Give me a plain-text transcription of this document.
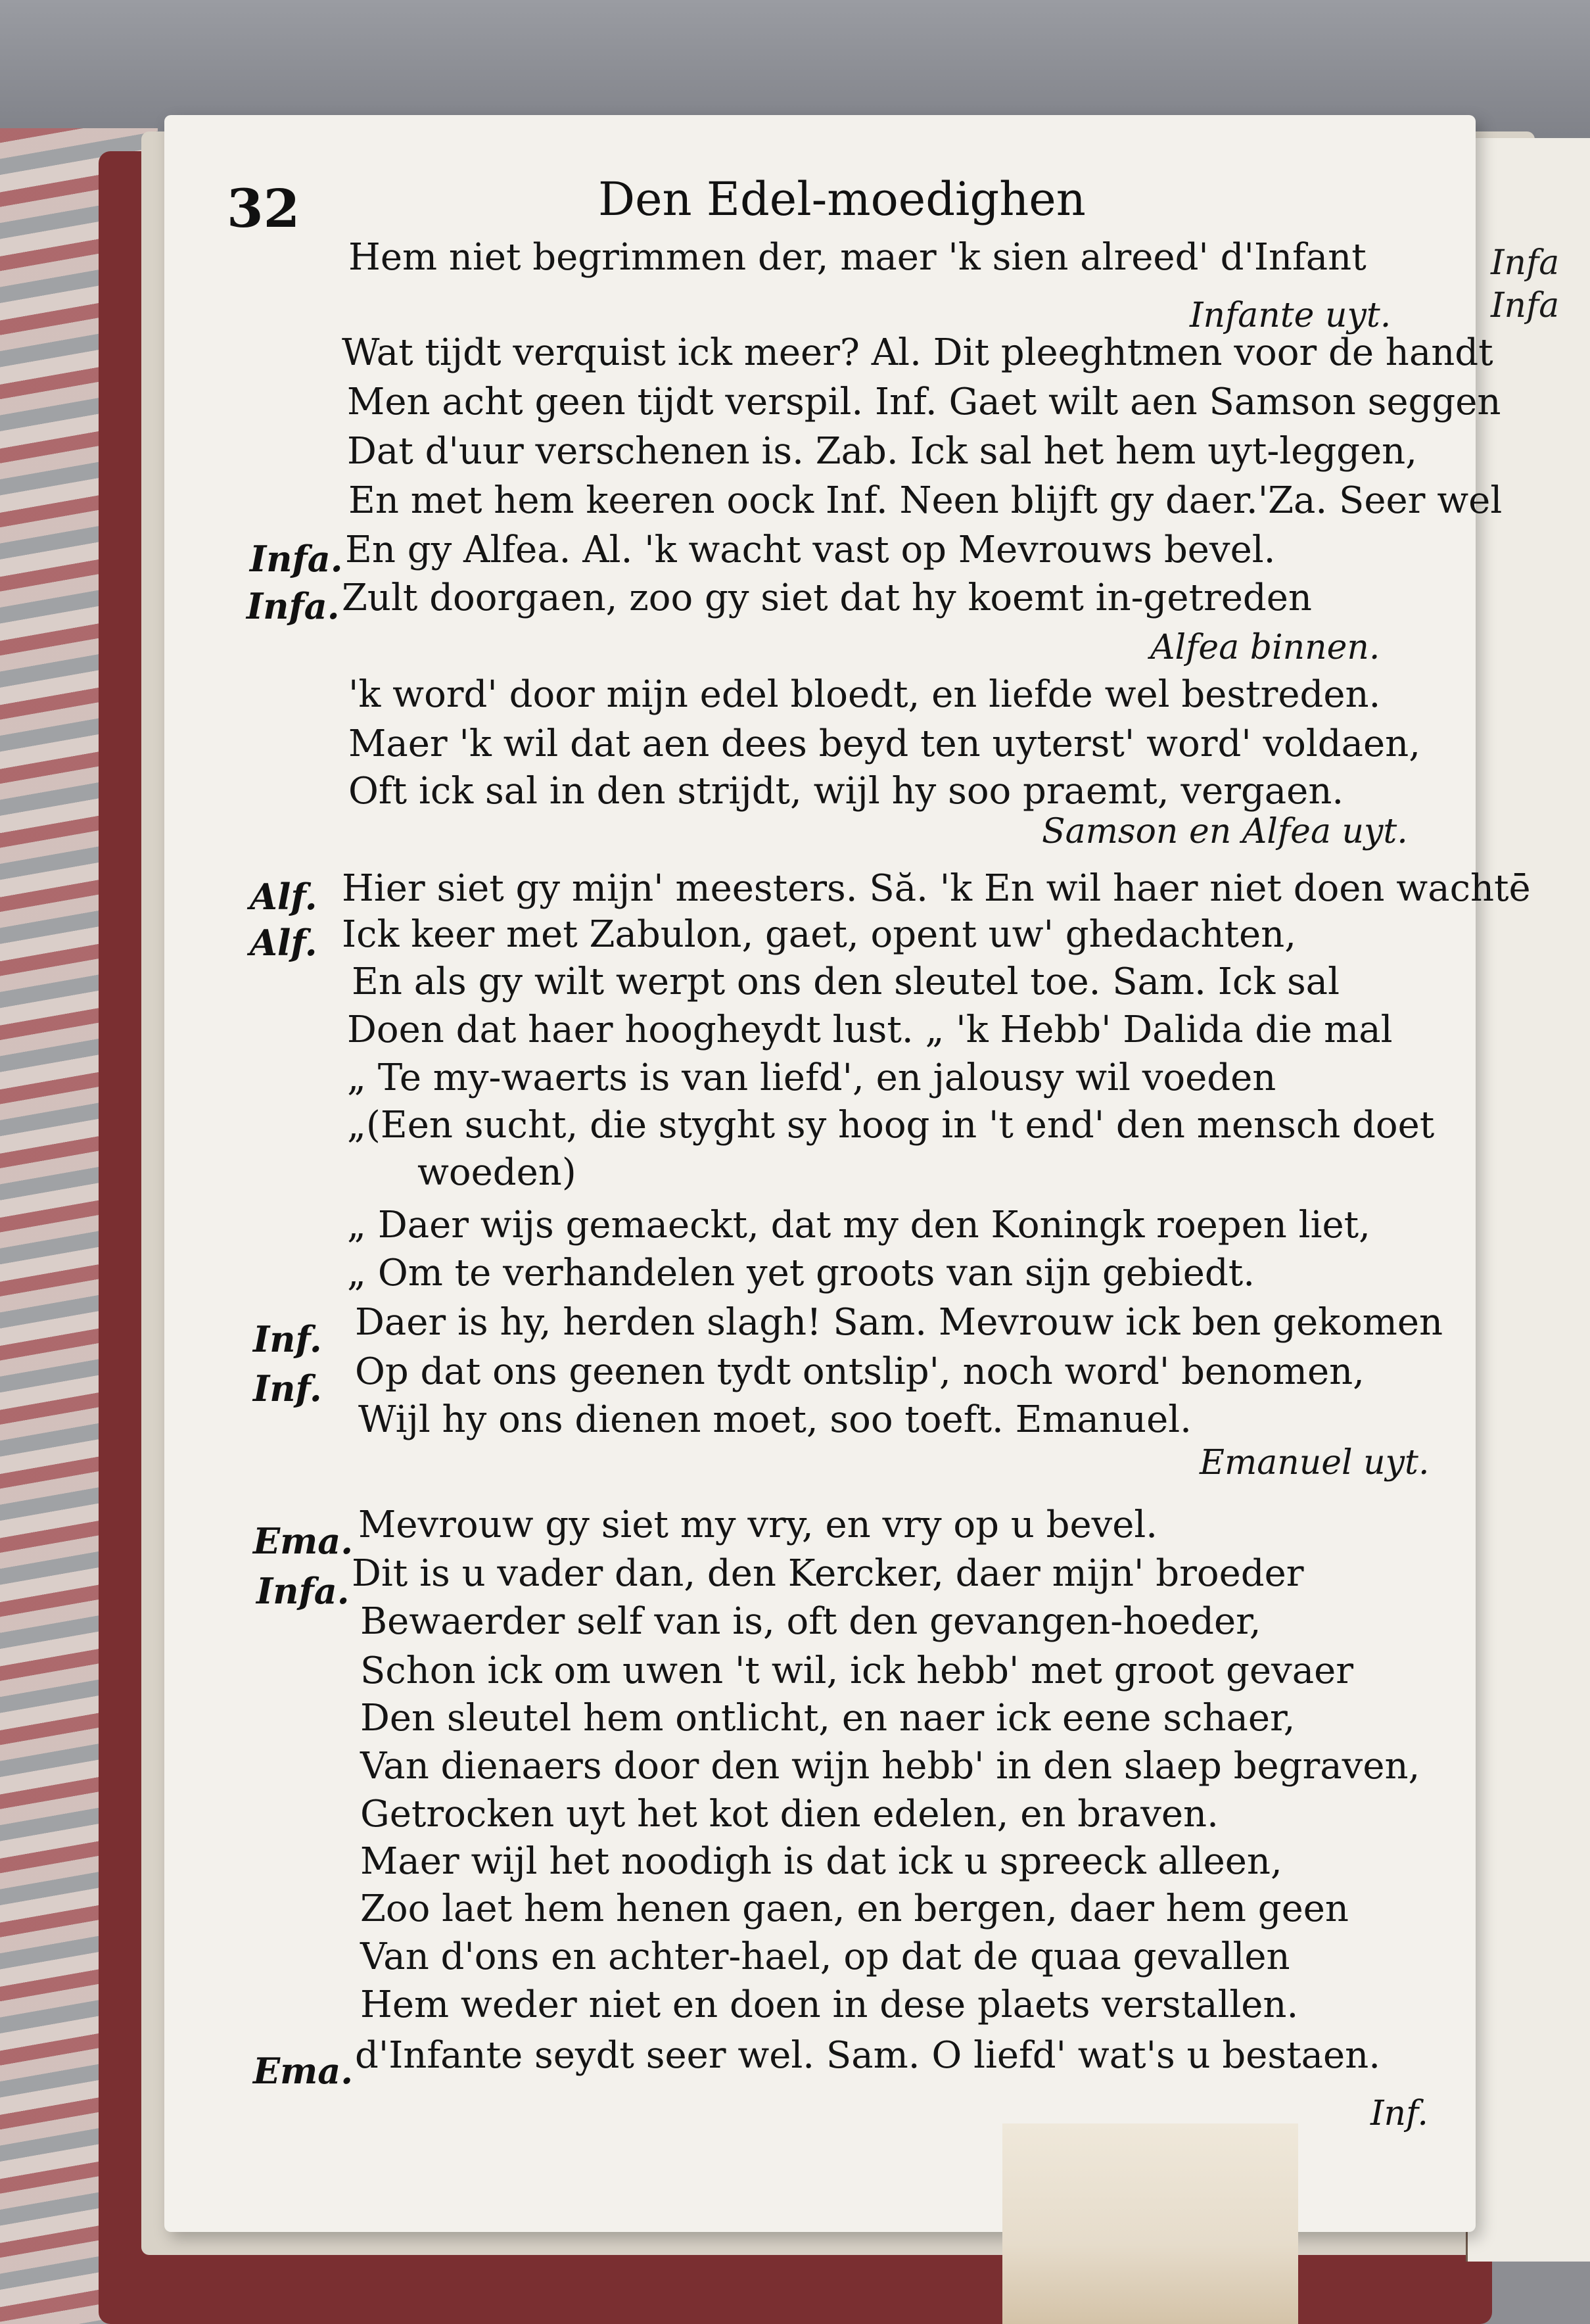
Infa
Infa
32	Den Edel-moedighen
Infante uyt.
Alfea binnen.
Samson en Alfea uyt.
Emanuel uyt.
Hem niet begrimmen der, maer 'k sien alreed' d'Infant
Wat tijdt verquist ick meer? Al. Dit pleeghtmen voor de handt
Men acht geen tijdt verspil. Inf. Gaet wilt aen Samson seggen
Dat d'uur verschenen is. Zab. Ick sal het hem uyt-leggen,
En met hem keeren oock Inf. Neen blijft gy daer.'Za. Seer wel
Infa. En gy Alfea. Al. 'k wacht vast op Mevrouws bevel.
Infa. Zult doorgaen, zoo gy siet dat hy koemt in-getreden
'k word' door mijn edel bloedt, en liefde wel bestreden.
Maer 'k wil dat aen dees beyd ten uyterst' word' voldaen,
Oft ick sal in den strijdt, wijl hy soo praemt, vergaen.
Alf. Hier siet gy mijn' meesters. Să. 'k En wil haer niet doen wachtē
Alf. Ick keer met Zabulon, gaet, opent uw' ghedachten,
En als gy wilt werpt ons den sleutel toe. Sam. Ick sal
Doen dat haer hoogheydt lust. „ 'k Hebb' Dalida die mal
„ Te my-waerts is van liefd', en jalousy wil voeden
„(Een sucht, die styght sy hoog in 't end' den mensch doet
woeden)
„ Daer wijs gemaeckt, dat my den Koningk roepen liet,
„ Om te verhandelen yet groots van sijn gebiedt.
Inf. Daer is hy, herden slagh! Sam. Mevrouw ick ben gekomen
Inf. Op dat ons geenen tydt ontslip', noch word' benomen,
Wijl hy ons dienen moet, soo toeft. Emanuel.
Ema. Mevrouw gy siet my vry, en vry op u bevel.
Infa. Dit is u vader dan, den Kercker, daer mijn' broeder
Bewaerder self van is, oft den gevangen-hoeder,
Schon ick om uwen 't wil, ick hebb' met groot gevaer
Den sleutel hem ontlicht, en naer ick eene schaer,
Van dienaers door den wijn hebb' in den slaep begraven,
Getrocken uyt het kot dien edelen, en braven.
Maer wijl het noodigh is dat ick u spreeck alleen,
Zoo laet hem henen gaen, en bergen, daer hem geen
Van d'ons en achter-hael, op dat de quaa gevallen
Hem weder niet en doen in dese plaets verstallen.
Ema. d'Infante seydt seer wel. Sam. O liefd' wat's u bestaen.
Inf.
